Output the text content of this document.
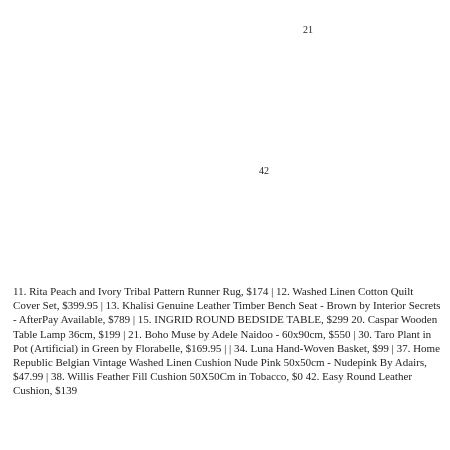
21
42

11. Rita Peach and Ivory Tribal Pattern Runner Rug, $174 | 12. Washed Linen Cotton Quilt Cover Set, $399.95 | 13. Khalisi Genuine Leather Timber Bench Seat - Brown by Interior Secrets - AfterPay Available, $789 | 15. INGRID ROUND BEDSIDE TABLE, $299 20. Caspar Wooden Table Lamp 36cm, $199 | 21. Boho Muse by Adele Naidoo - 60x90cm, $550 | 30. Taro Plant in Pot (Artificial) in Green by Florabelle, $169.95 | | 34. Luna Hand-Woven Basket, $99 | 37. Home Republic Belgian Vintage Washed Linen Cushion Nude Pink 50x50cm - Nudepink By Adairs, $47.99 | 38. Willis Feather Fill Cushion 50X50Cm in Tobacco, $0 42. Easy Round Leather Cushion, $139
